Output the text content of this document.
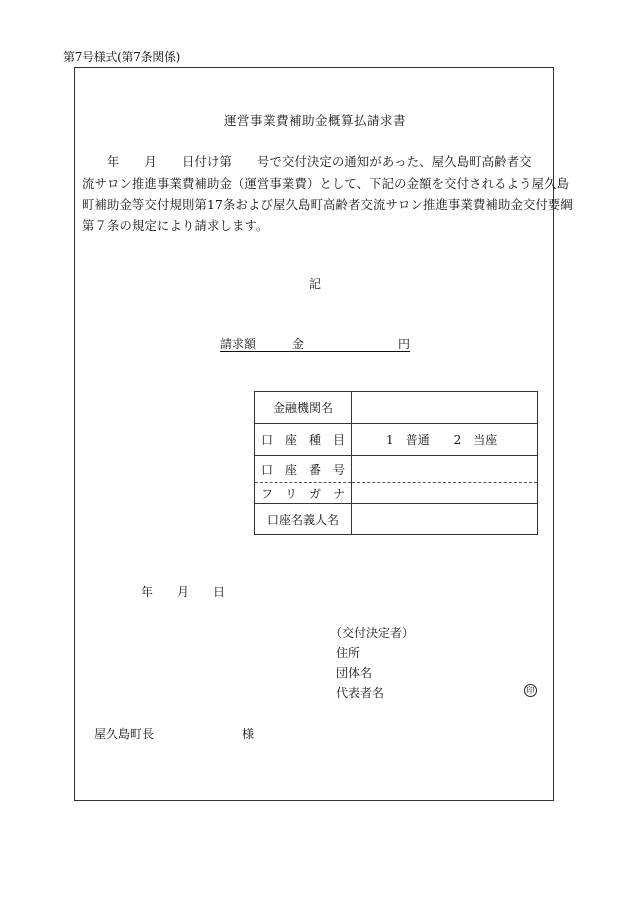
第7号様式(第7条関係)
運営事業費補助金概算払請求書
　　年　　月　　日付け第　　号で交付決定の通知があった、屋久島町高齢者交
流サロン推進事業費補助金（運営事業費）として、下記の金額を交付されるよう屋久島
町補助金等交付規則第17条および屋久島町高齢者交流サロン推進事業費補助金交付要綱
第７条の規定により請求します。
記
請求額	金	円
金融機関名	
口　座　種　目	1　普通　　2　当座
口　座　番　号	
フ　リ　ガ　ナ	
口座名義人名	
年　　月　　日
（交付決定者）
住所
団体名
代表者名	印
屋久島町長	様
